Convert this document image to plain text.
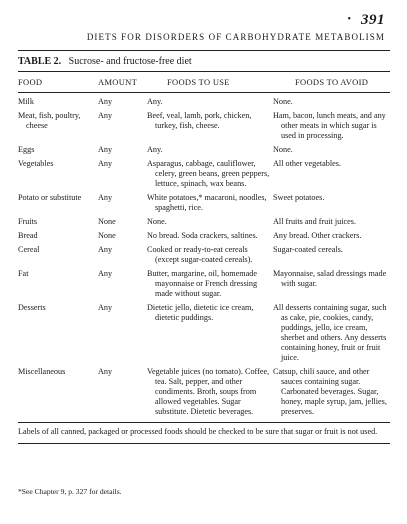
• 391
DIETS FOR DISORDERS OF CARBOHYDRATE METABOLISM
TABLE 2. Sucrose- and fructose-free diet
FOOD	AMOUNT	FOODS TO USE	FOODS TO AVOID

Milk	Any	Any.	None.

Meat, fish, poultry, cheese	Any	Beef, veal, lamb, pork, chicken, turkey, fish, cheese.	Ham, bacon, lunch meats, and any other meats in which sugar is used in processing.

Eggs	Any	Any.	None.

Vegetables	Any	Asparagus, cabbage, cauliflower, celery, green beans, green peppers, lettuce, spinach, wax beans.	All other vegetables.

Potato or substitute	Any	White potatoes,* macaroni, noodles, spaghetti, rice.	Sweet potatoes.

Fruits	None	None.	All fruits and fruit juices.

Bread	None	No bread. Soda crackers, saltines.	Any bread. Other crackers.

Cereal	Any	Cooked or ready-to-eat cereals (except sugar-coated cereals).	Sugar-coated cereals.

Fat	Any	Butter, margarine, oil, homemade mayonnaise or French dressing made without sugar.	Mayonnaise, salad dressings made with sugar.

Desserts	Any	Dietetic jello, dietetic ice cream, dietetic puddings.	All desserts containing sugar, such as cake, pie, cookies, candy, puddings, jello, ice cream, sherbet and others. Any desserts containing honey, fruit or fruit juice.

Miscellaneous	Any	Vegetable juices (no tomato). Coffee, tea. Salt, pepper, and other condiments. Broth, soups from allowed vegetables. Sugar substitute. Dietetic beverages.	Catsup, chili sauce, and other sauces containing sugar. Carbonated beverages. Sugar, honey, maple syrup, jam, jellies, preserves.
Labels of all canned, packaged or processed foods should be checked to be sure that sugar or fruit is not used.
*See Chapter 9, p. 327 for details.
